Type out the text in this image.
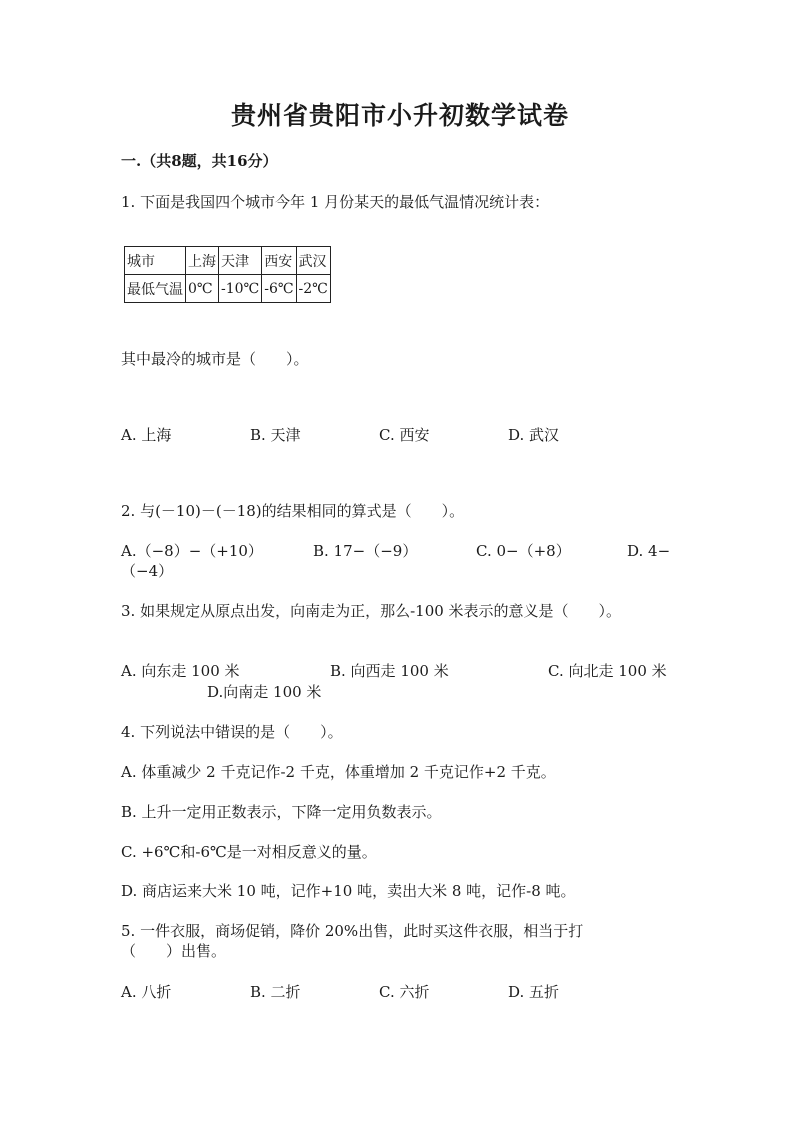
贵州省贵阳市小升初数学试卷
一.（共8题，共16分）
1. 下面是我国四个城市今年 1 月份某天的最低气温情况统计表：
城市	上海	天津	西安	武汉
最低气温	0℃	-10℃	-6℃	-2℃
其中最冷的城市是（　　）。
A. 上海	B. 天津	C. 西安	D. 武汉
2. 与(－10)－(－18)的结果相同的算式是（　　）。
A.（−8）−（+10）	B. 17−（−9）	C. 0−（+8）	D. 4−
（−4）
3. 如果规定从原点出发，向南走为正，那么-100 米表示的意义是（　　）。
A. 向东走 100 米	B. 向西走 100 米	C. 向北走 100 米
D.向南走 100 米
4. 下列说法中错误的是（　　）。
A. 体重减少 2 千克记作-2 千克，体重增加 2 千克记作+2 千克。
B. 上升一定用正数表示，下降一定用负数表示。
C. +6℃和-6℃是一对相反意义的量。
D. 商店运来大米 10 吨，记作+10 吨，卖出大米 8 吨，记作-8 吨。
5. 一件衣服，商场促销，降价 20%出售，此时买这件衣服，相当于打
（　　）出售。
A. 八折	B. 二折	C. 六折	D. 五折
